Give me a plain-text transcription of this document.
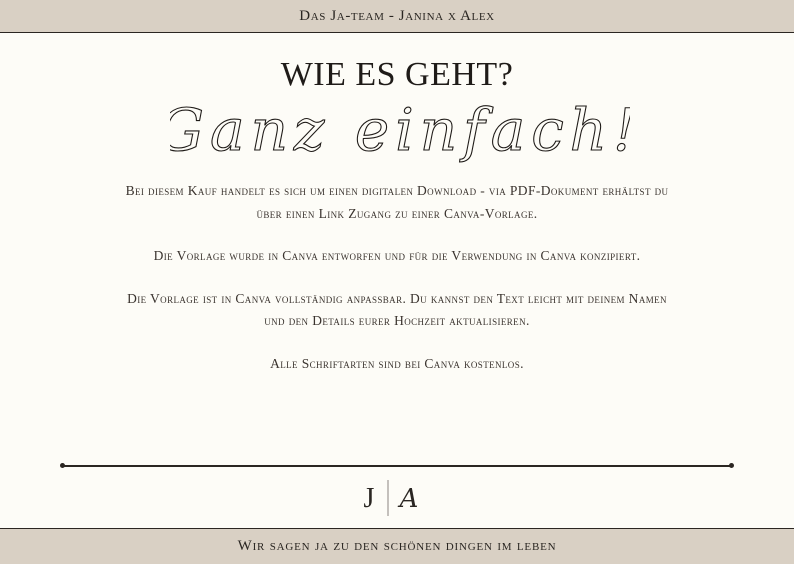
Das Ja-team - Janina x Alex
WIE ES GEHT?
Ganz einfach!

Bei diesem Kauf handelt es sich um einen digitalen Download - via PDF-Dokument erhältst du über einen Link Zugang zu einer Canva-Vorlage.

Die Vorlage wurde in Canva entworfen und für die Verwendung in Canva konzipiert.

Die Vorlage ist in Canva vollständig anpassbar. Du kannst den Text leicht mit deinem Namen und den Details eurer Hochzeit aktualisieren.

Alle Schriftarten sind bei Canva kostenlos.

J A
Wir sagen ja zu den schönen dingen im leben
